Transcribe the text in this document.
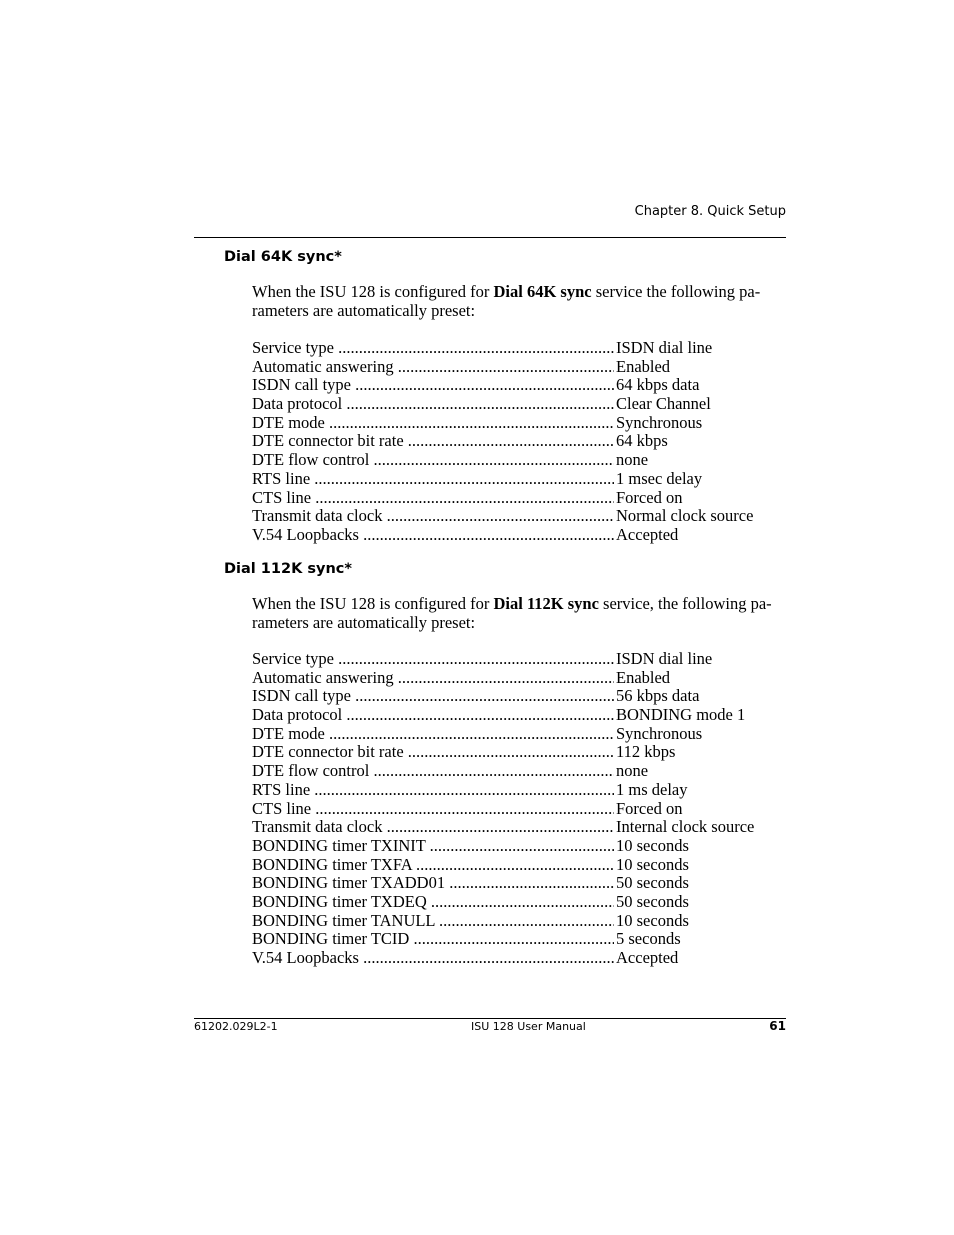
Chapter 8. Quick Setup
Dial 64K sync*
When the ISU 128 is configured for Dial 64K sync service the following pa-
rameters are automatically preset:
Service type .....	ISDN dial line
Automatic answering .....	Enabled
ISDN call type .....	64 kbps data
Data protocol .....	Clear Channel
DTE mode .....	Synchronous
DTE connector bit rate .....	64 kbps
DTE flow control .....	none
RTS line .....	1 msec delay
CTS line .....	Forced on
Transmit data clock .....	Normal clock source
V.54 Loopbacks .....	Accepted
Dial 112K sync*
When the ISU 128 is configured for Dial 112K sync service, the following pa-
rameters are automatically preset:
Service type .....	ISDN dial line
Automatic answering .....	Enabled
ISDN call type .....	56 kbps data
Data protocol .....	BONDING mode 1
DTE mode .....	Synchronous
DTE connector bit rate .....	112 kbps
DTE flow control .....	none
RTS line .....	1 ms delay
CTS line .....	Forced on
Transmit data clock .....	Internal clock source
BONDING timer TXINIT .....	10 seconds
BONDING timer TXFA .....	10 seconds
BONDING timer TXADD01 .....	50 seconds
BONDING timer TXDEQ .....	50 seconds
BONDING timer TANULL .....	10 seconds
BONDING timer TCID .....	5 seconds
V.54 Loopbacks .....	Accepted
61202.029L2-1	ISU 128 User Manual	61
